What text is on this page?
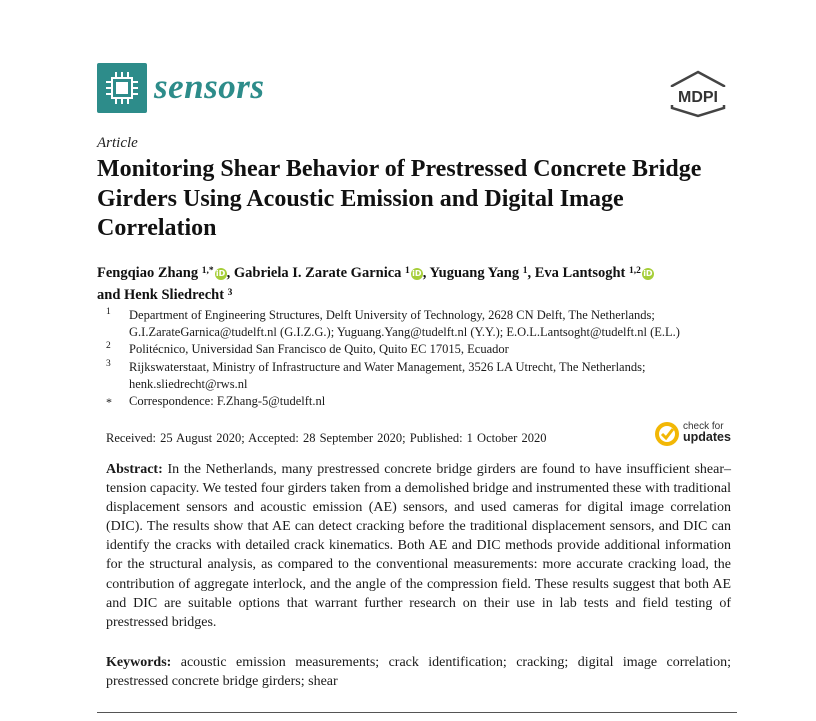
sensors	MDPI
Article
Monitoring Shear Behavior of Prestressed Concrete Bridge Girders Using Acoustic Emission and Digital Image Correlation
Fengqiao Zhang $^{1,*}$ iD, Gabriela I. Zarate Garnica $^1$ iD, Yuguang Yang $^1$, Eva Lantsoght $^{1,2}$ iD
and Henk Sliedrecht $^3$
1 Department of Engineering Structures, Delft University of Technology, 2628 CN Delft, The Netherlands; G.I.ZarateGarnica@tudelft.nl (G.I.Z.G.); Yuguang.Yang@tudelft.nl (Y.Y.); E.O.L.Lantsoght@tudelft.nl (E.L.)
2 Politécnico, Universidad San Francisco de Quito, Quito EC 17015, Ecuador
3 Rijkswaterstaat, Ministry of Infrastructure and Water Management, 3526 LA Utrecht, The Netherlands; henk.sliedrecht@rws.nl
* Correspondence: F.Zhang-5@tudelft.nl
Received: 25 August 2020; Accepted: 28 September 2020; Published: 1 October 2020
check for
updates
Abstract: In the Netherlands, many prestressed concrete bridge girders are found to have insufficient shear–tension capacity. We tested four girders taken from a demolished bridge and instrumented these with traditional displacement sensors and acoustic emission (AE) sensors, and used cameras for digital image correlation (DIC). The results show that AE can detect cracking before the traditional displacement sensors, and DIC can identify the cracks with detailed crack kinematics. Both AE and DIC methods provide additional information for the structural analysis, as compared to the conventional measurements: more accurate cracking load, the contribution of aggregate interlock, and the angle of the compression field. These results suggest that both AE and DIC are suitable options that warrant further research on their use in lab tests and field testing of prestressed bridges.
Keywords: acoustic emission measurements; crack identification; cracking; digital image correlation; prestressed concrete bridge girders; shear
